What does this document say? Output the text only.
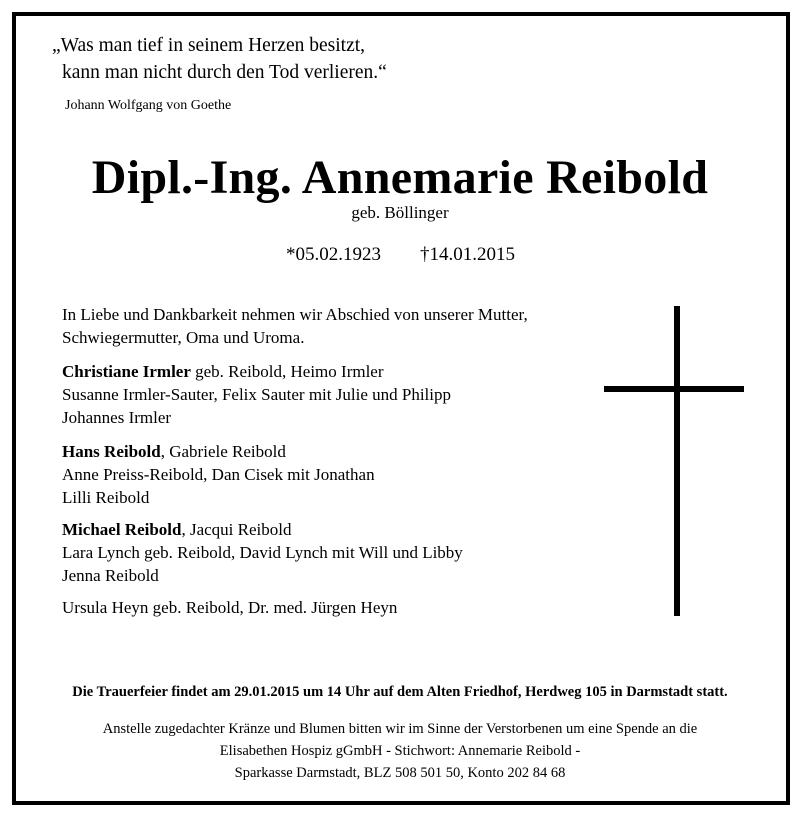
„Was man tief in seinem Herzen besitzt,
kann man nicht durch den Tod verlieren.“
Johann Wolfgang von Goethe
Dipl.-Ing. Annemarie Reibold
geb. Böllinger
*05.02.1923 †14.01.2015
In Liebe und Dankbarkeit nehmen wir Abschied von unserer Mutter,
Schwiegermutter, Oma und Uroma.
Christiane Irmler geb. Reibold, Heimo Irmler
Susanne Irmler-Sauter, Felix Sauter mit Julie und Philipp
Johannes Irmler
Hans Reibold, Gabriele Reibold
Anne Preiss-Reibold, Dan Cisek mit Jonathan
Lilli Reibold
Michael Reibold, Jacqui Reibold
Lara Lynch geb. Reibold, David Lynch mit Will und Libby
Jenna Reibold
Ursula Heyn geb. Reibold, Dr. med. Jürgen Heyn
Die Trauerfeier findet am 29.01.2015 um 14 Uhr auf dem Alten Friedhof, Herdweg 105 in Darmstadt statt.
Anstelle zugedachter Kränze und Blumen bitten wir im Sinne der Verstorbenen um eine Spende an die
Elisabethen Hospiz gGmbH - Stichwort: Annemarie Reibold -
Sparkasse Darmstadt, BLZ 508 501 50, Konto 202 84 68
